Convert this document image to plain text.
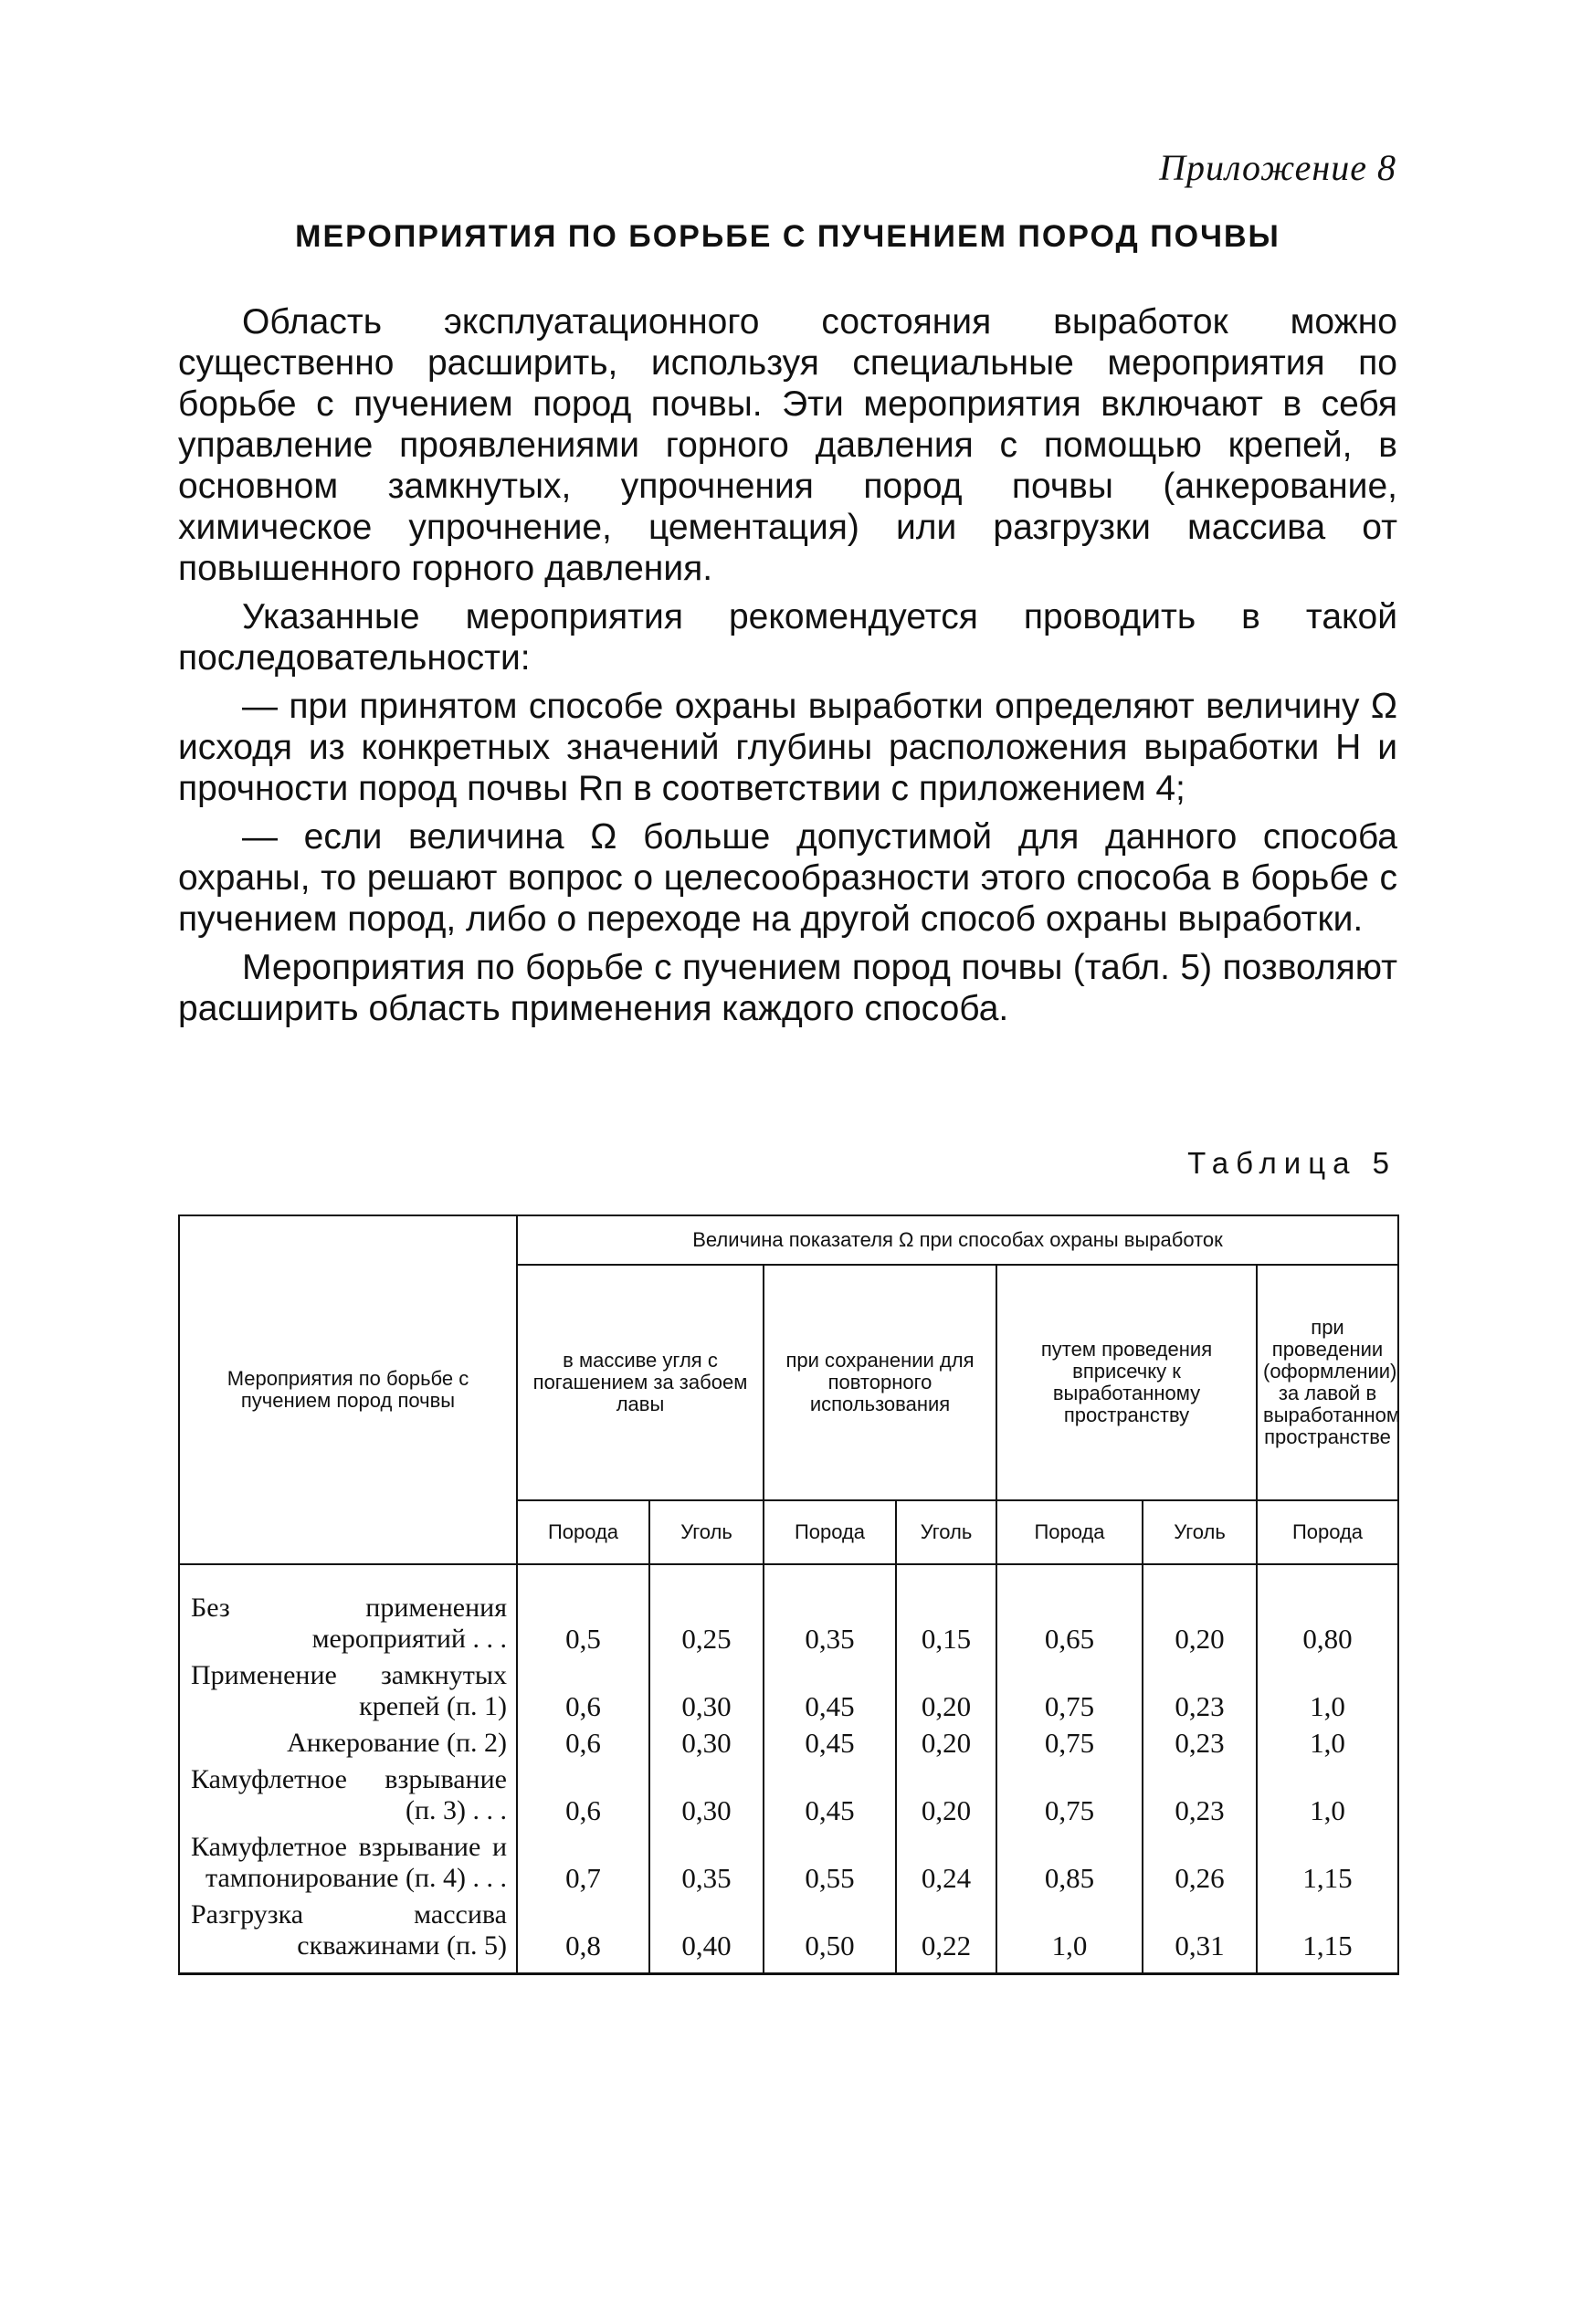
Приложение 8

МЕРОПРИЯТИЯ ПО БОРЬБЕ С ПУЧЕНИЕМ ПОРОД ПОЧВЫ

Область эксплуатационного состояния выработок можно существенно расширить, используя специальные мероприятия по борьбе с пучением пород почвы. Эти мероприятия включают в себя управление проявлениями горного давления с помощью крепей, в основном замкнутых, упрочнения пород почвы (анкерование, химическое упрочнение, цементация) или разгрузки массива от повышенного горного давления.

Указанные мероприятия рекомендуется проводить в такой последовательности:

— при принятом способе охраны выработки определяют величину Ω исходя из конкретных значений глубины расположения выработки H и прочности пород почвы Rп в соответствии с приложением 4;

— если величина Ω больше допустимой для данного способа охраны, то решают вопрос о целесообразности этого способа в борьбе с пучением пород, либо о переходе на другой способ охраны выработки.

Мероприятия по борьбе с пучением пород почвы (табл. 5) позволяют расширить область применения каждого способа.

Таблица 5

Мероприятия по борьбе с пучением пород почвы	Величина показателя Ω при способах охраны выработок						
	в массиве угля с погашением за забоем лавы		при сохранении для повторного использования		путем проведения вприсечку к выработанному пространству		при проведении (оформлении) за лавой в выработанном пространстве
	Порода	Уголь	Порода	Уголь	Порода	Уголь	Порода
Без применения мероприятий . . .	0,5	0,25	0,35	0,15	0,65	0,20	0,80
Применение замкнутых крепей (п. 1)	0,6	0,30	0,45	0,20	0,75	0,23	1,0
Анкерование (п. 2)	0,6	0,30	0,45	0,20	0,75	0,23	1,0
Камуфлетное взрывание (п. 3) . . .	0,6	0,30	0,45	0,20	0,75	0,23	1,0
Камуфлетное взрывание и тампонирование (п. 4) . . .	0,7	0,35	0,55	0,24	0,85	0,26	1,15
Разгрузка массива скважинами (п. 5)	0,8	0,40	0,50	0,22	1,0	0,31	1,15
